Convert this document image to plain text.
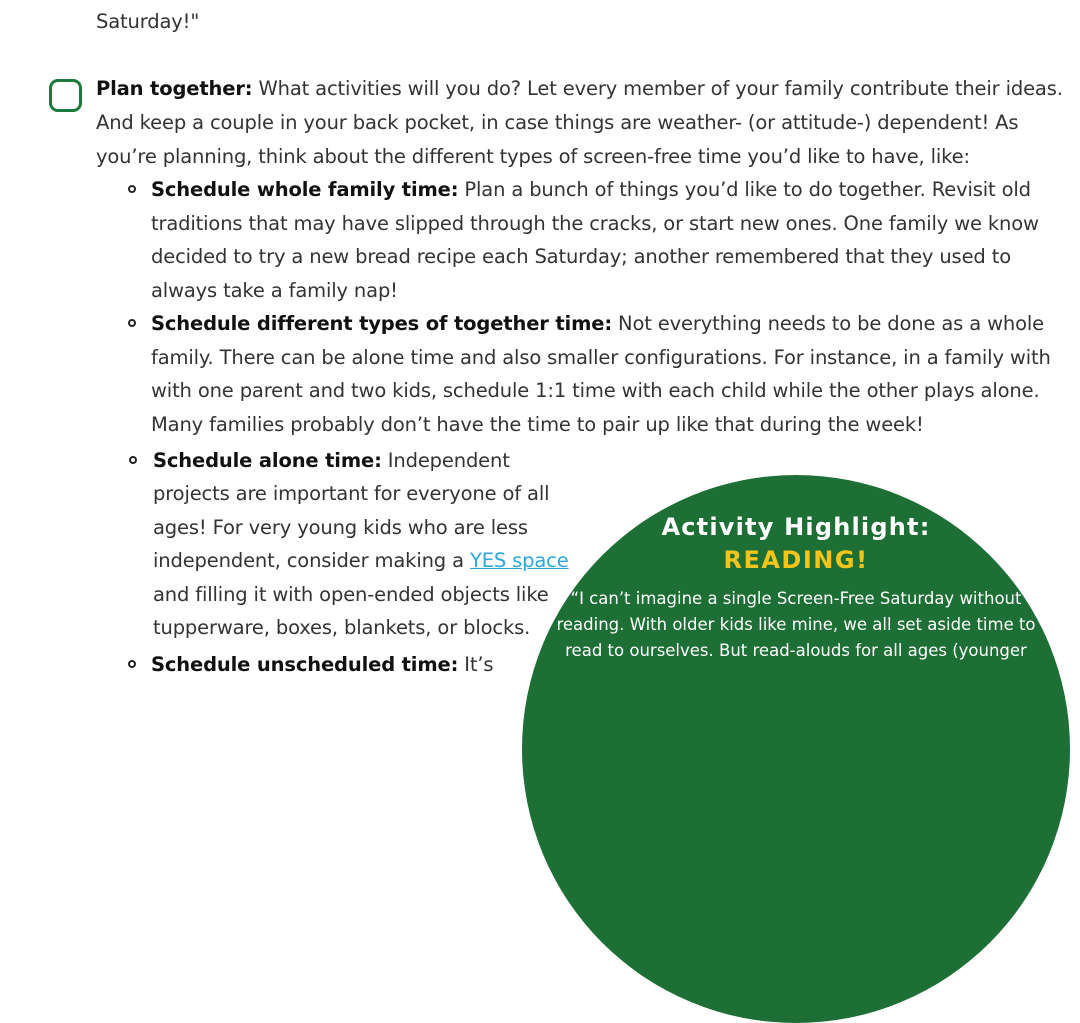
Saturday!"
Plan together: What activities will you do? Let every member of your family contribute their ideas.
And keep a couple in your back pocket, in case things are weather- (or attitude-) dependent! As
you’re planning, think about the different types of screen-free time you’d like to have, like:
Schedule whole family time: Plan a bunch of things you’d like to do together. Revisit old
traditions that may have slipped through the cracks, or start new ones. One family we know
decided to try a new bread recipe each Saturday; another remembered that they used to
always take a family nap!
Schedule different types of together time: Not everything needs to be done as a whole
family. There can be alone time and also smaller configurations. For instance, in a family with
with one parent and two kids, schedule 1:1 time with each child while the other plays alone.
Many families probably don’t have the time to pair up like that during the week!
Activity Highlight:
READING!
“I can’t imagine a single Screen-Free Saturday without
reading. With older kids like mine, we all set aside time to
read to ourselves. But read-alouds for all ages (younger
Schedule alone time: Independent
projects are important for everyone of all
ages! For very young kids who are less
independent, consider making a YES space
and filling it with open-ended objects like
tupperware, boxes, blankets, or blocks.
Schedule unscheduled time: It’s
